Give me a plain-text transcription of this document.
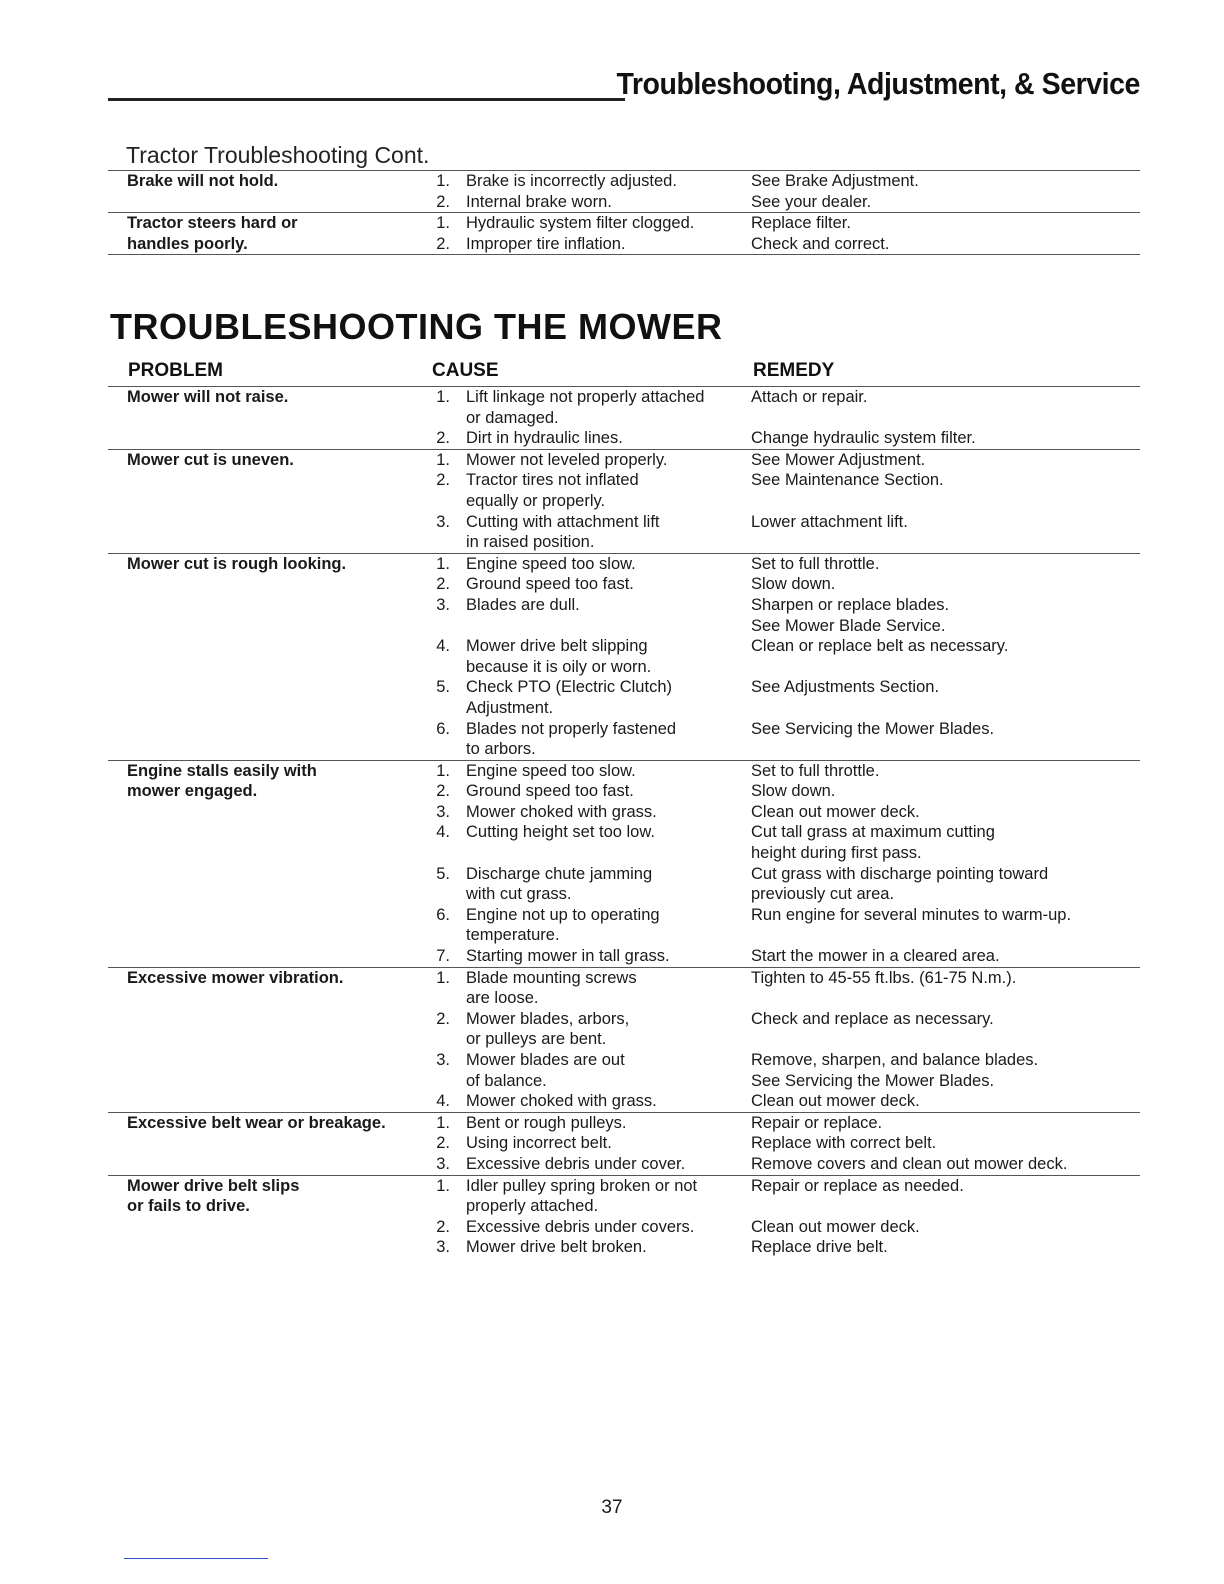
Troubleshooting, Adjustment, & Service
Tractor Troubleshooting Cont.
Brake will not hold.	1. Brake is incorrectly adjusted.	See Brake Adjustment.
2. Internal brake worn.	See your dealer.
Tractor steers hard or	1. Hydraulic system filter clogged.	Replace filter.
handles poorly.	2. Improper tire inflation.	Check and correct.
TROUBLESHOOTING THE MOWER
PROBLEM	CAUSE	REMEDY
Mower will not raise.	1. Lift linkage not properly attached	Attach or repair.
or damaged.
2. Dirt in hydraulic lines.	Change hydraulic system filter.
Mower cut is uneven.	1. Mower not leveled properly.	See Mower Adjustment.
2. Tractor tires not inflated	See Maintenance Section.
equally or properly.
3. Cutting with attachment lift	Lower attachment lift.
in raised position.
Mower cut is rough looking.	1. Engine speed too slow.	Set to full throttle.
2. Ground speed too fast.	Slow down.
3. Blades are dull.	Sharpen or replace blades.
See Mower Blade Service.
4. Mower drive belt slipping	Clean or replace belt as necessary.
because it is oily or worn.
5. Check PTO (Electric Clutch)	See Adjustments Section.
Adjustment.
6. Blades not properly fastened	See Servicing the Mower Blades.
to arbors.
Engine stalls easily with	1. Engine speed too slow.	Set to full throttle.
mower engaged.	2. Ground speed too fast.	Slow down.
3. Mower choked with grass.	Clean out mower deck.
4. Cutting height set too low.	Cut tall grass at maximum cutting
height during first pass.
5. Discharge chute jamming	Cut grass with discharge pointing toward
with cut grass.	previously cut area.
6. Engine not up to operating	Run engine for several minutes to warm-up.
temperature.
7. Starting mower in tall grass.	Start the mower in a cleared area.
Excessive mower vibration.	1. Blade mounting screws	Tighten to 45-55 ft.lbs. (61-75 N.m.).
are loose.
2. Mower blades, arbors,	Check and replace as necessary.
or pulleys are bent.
3. Mower blades are out	Remove, sharpen, and balance blades.
of balance.	See Servicing the Mower Blades.
4. Mower choked with grass.	Clean out mower deck.
Excessive belt wear or breakage.	1. Bent or rough pulleys.	Repair or replace.
2. Using incorrect belt.	Replace with correct belt.
3. Excessive debris under cover.	Remove covers and clean out mower deck.
Mower drive belt slips	1. Idler pulley spring broken or not	Repair or replace as needed.
or fails to drive.	properly attached.
2. Excessive debris under covers.	Clean out mower deck.
3. Mower drive belt broken.	Replace drive belt.
37
